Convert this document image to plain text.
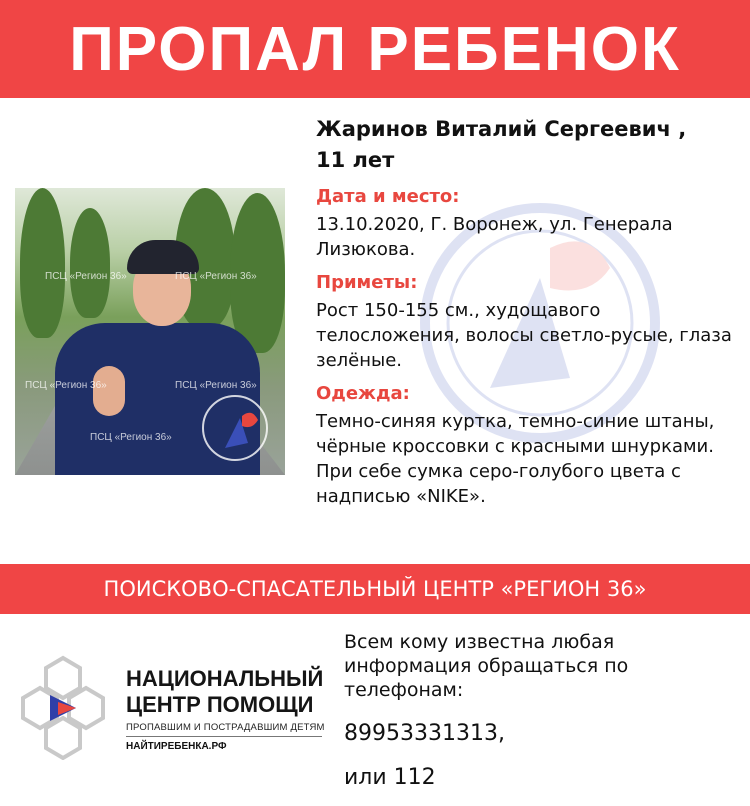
ПРОПАЛ РЕБЕНОК
ПСЦ «Регион 36»	ПСЦ «Регион 36»
ПСЦ «Регион 36»	ПСЦ «Регион 36»
ПСЦ «Регион 36»
Жаринов Виталий Сергеевич ,
11 лет
Дата и место:
13.10.2020, Г. Воронеж, ул. Генерала Лизюкова.
Приметы:
Рост 150-155 см., худощавого телосложения, волосы светло-русые, глаза зелёные.
Одежда:
Темно-синяя куртка, темно-синие штаны, чёрные кроссовки с красными шнурками. При себе сумка серо-голубого цвета с надписью «NIKE».
ПОИСКОВО-СПАСАТЕЛЬНЫЙ ЦЕНТР «РЕГИОН 36»
НАЦИОНАЛЬНЫЙ
ЦЕНТР ПОМОЩИ
ПРОПАВШИМ И ПОСТРАДАВШИМ ДЕТЯМ
НАЙТИРЕБЕНКА.РФ
Всем кому известна любая информация обращаться по телефонам:
89953331313,
или 112
